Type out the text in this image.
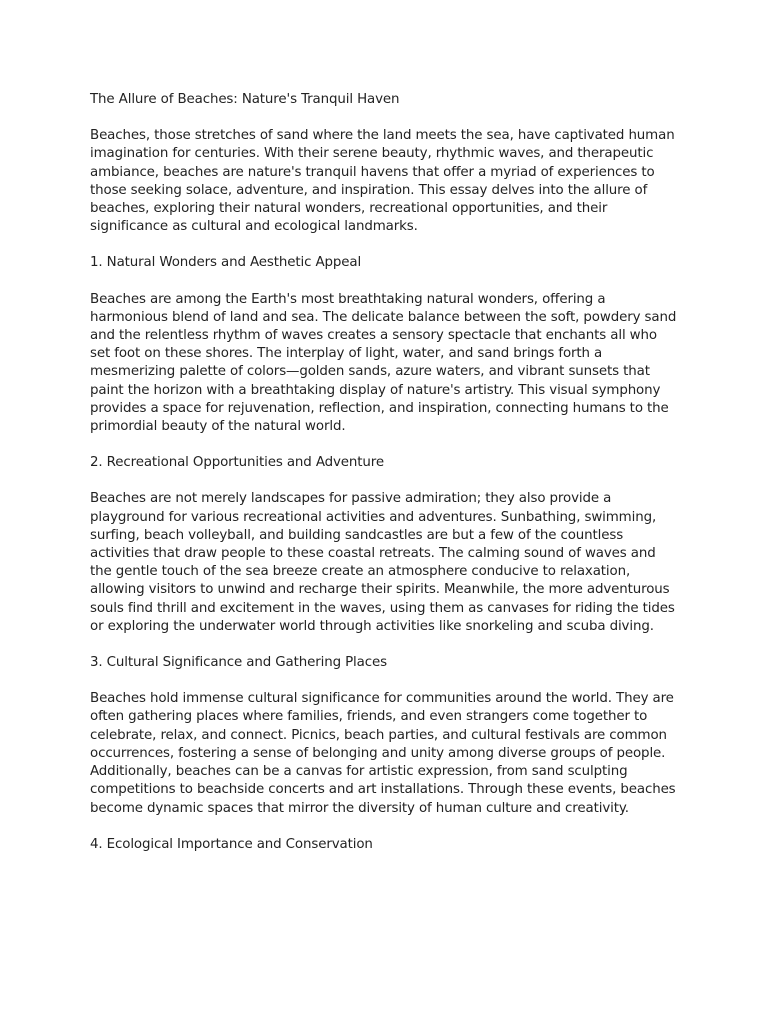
The Allure of Beaches: Nature's Tranquil Haven
Beaches, those stretches of sand where the land meets the sea, have captivated human imagination for centuries. With their serene beauty, rhythmic waves, and therapeutic ambiance, beaches are nature's tranquil havens that offer a myriad of experiences to those seeking solace, adventure, and inspiration. This essay delves into the allure of beaches, exploring their natural wonders, recreational opportunities, and their significance as cultural and ecological landmarks.
1. Natural Wonders and Aesthetic Appeal
Beaches are among the Earth's most breathtaking natural wonders, offering a harmonious blend of land and sea. The delicate balance between the soft, powdery sand and the relentless rhythm of waves creates a sensory spectacle that enchants all who set foot on these shores. The interplay of light, water, and sand brings forth a mesmerizing palette of colors—golden sands, azure waters, and vibrant sunsets that paint the horizon with a breathtaking display of nature's artistry. This visual symphony provides a space for rejuvenation, reflection, and inspiration, connecting humans to the primordial beauty of the natural world.
2. Recreational Opportunities and Adventure
Beaches are not merely landscapes for passive admiration; they also provide a playground for various recreational activities and adventures. Sunbathing, swimming, surfing, beach volleyball, and building sandcastles are but a few of the countless activities that draw people to these coastal retreats. The calming sound of waves and the gentle touch of the sea breeze create an atmosphere conducive to relaxation, allowing visitors to unwind and recharge their spirits. Meanwhile, the more adventurous souls find thrill and excitement in the waves, using them as canvases for riding the tides or exploring the underwater world through activities like snorkeling and scuba diving.
3. Cultural Significance and Gathering Places
Beaches hold immense cultural significance for communities around the world. They are often gathering places where families, friends, and even strangers come together to celebrate, relax, and connect. Picnics, beach parties, and cultural festivals are common occurrences, fostering a sense of belonging and unity among diverse groups of people. Additionally, beaches can be a canvas for artistic expression, from sand sculpting competitions to beachside concerts and art installations. Through these events, beaches become dynamic spaces that mirror the diversity of human culture and creativity.
4. Ecological Importance and Conservation
